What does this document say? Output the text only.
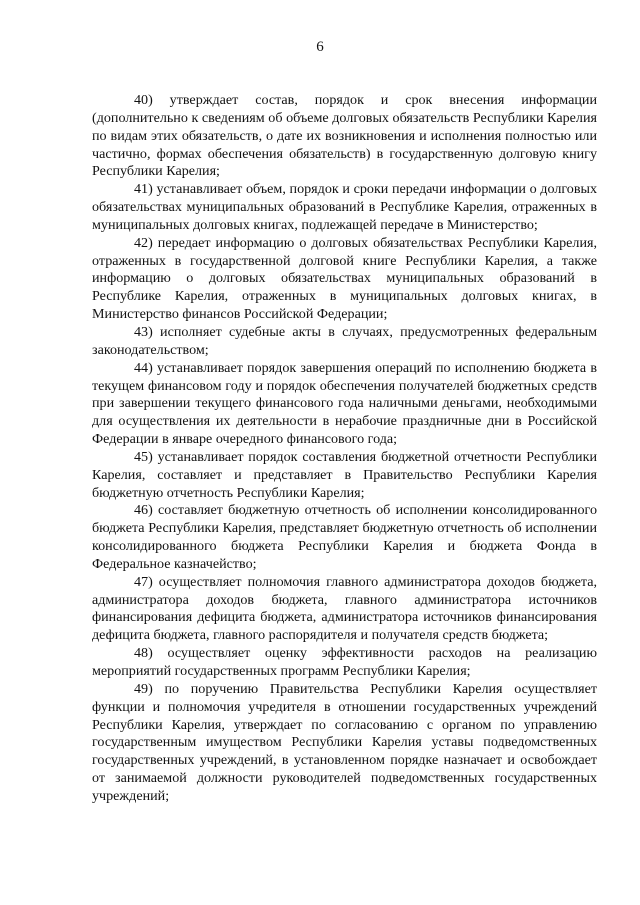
6

40) утверждает состав, порядок и срок внесения информации (дополнительно к сведениям об объеме долговых обязательств Республики Карелия по видам этих обязательств, о дате их возникновения и исполнения полностью или частично, формах обеспечения обязательств) в государственную долговую книгу Республики Карелия;

41) устанавливает объем, порядок и сроки передачи информации о долговых обязательствах муниципальных образований в Республике Карелия, отраженных в муниципальных долговых книгах, подлежащей передаче в Министерство;

42) передает информацию о долговых обязательствах Республики Карелия, отраженных в государственной долговой книге Республики Карелия, а также информацию о долговых обязательствах муниципальных образований в Республике Карелия, отраженных в муниципальных долговых книгах, в Министерство финансов Российской Федерации;

43) исполняет судебные акты в случаях, предусмотренных федеральным законодательством;

44) устанавливает порядок завершения операций по исполнению бюджета в текущем финансовом году и порядок обеспечения получателей бюджетных средств при завершении текущего финансового года наличными деньгами, необходимыми для осуществления их деятельности в нерабочие праздничные дни в Российской Федерации в январе очередного финансового года;

45) устанавливает порядок составления бюджетной отчетности Республики Карелия, составляет и представляет в Правительство Республики Карелия бюджетную отчетность Республики Карелия;

46) составляет бюджетную отчетность об исполнении консолидированного бюджета Республики Карелия, представляет бюджетную отчетность об исполнении консолидированного бюджета Республики Карелия и бюджета Фонда в Федеральное казначейство;

47) осуществляет полномочия главного администратора доходов бюджета, администратора доходов бюджета, главного администратора источников финансирования дефицита бюджета, администратора источников финансирования дефицита бюджета, главного распорядителя и получателя средств бюджета;

48) осуществляет оценку эффективности расходов на реализацию мероприятий государственных программ Республики Карелия;

49) по поручению Правительства Республики Карелия осуществляет функции и полномочия учредителя в отношении государственных учреждений Республики Карелия, утверждает по согласованию с органом по управлению государственным имуществом Республики Карелия уставы подведомственных государственных учреждений, в установленном порядке назначает и освобождает от занимаемой должности руководителей подведомственных государственных учреждений;
